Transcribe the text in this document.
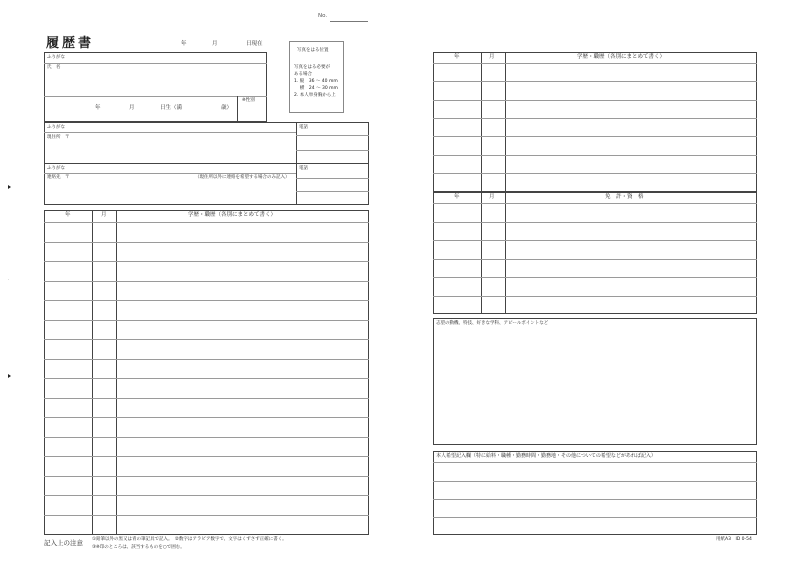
No.
履歴書	年	月	日現在
写真をはる位置
写真をはる必要が
ある場合
1. 縦　36 〜 40 mm
　 横　24 〜 30 mm
2. 本人単身胸から上
ふりがな
氏　名
年	月	日生（満	歳）
※性別
ふりがな
現住所　〒
電話
ふりがな
連絡先　〒	（現住所以外に連絡を希望する場合のみ記入）
電話
年	月	学歴・職歴（各別にまとめて書く）
年	月	学歴・職歴（各別にまとめて書く）
年	月	免　許・資　格
志望の動機、特技、好きな学科、アピールポイントなど
本人希望記入欄（特に給料・職種・勤務時間・勤務地・その他についての希望などがあれば記入）
記入上の注意 ①鉛筆以外の黒又は青の筆記具で記入。　②数字はアラビア数字で、文字はくずさず正確に書く。
③※印のところは、該当するものを○で囲む。
用紙A3　ID 0-54
·
